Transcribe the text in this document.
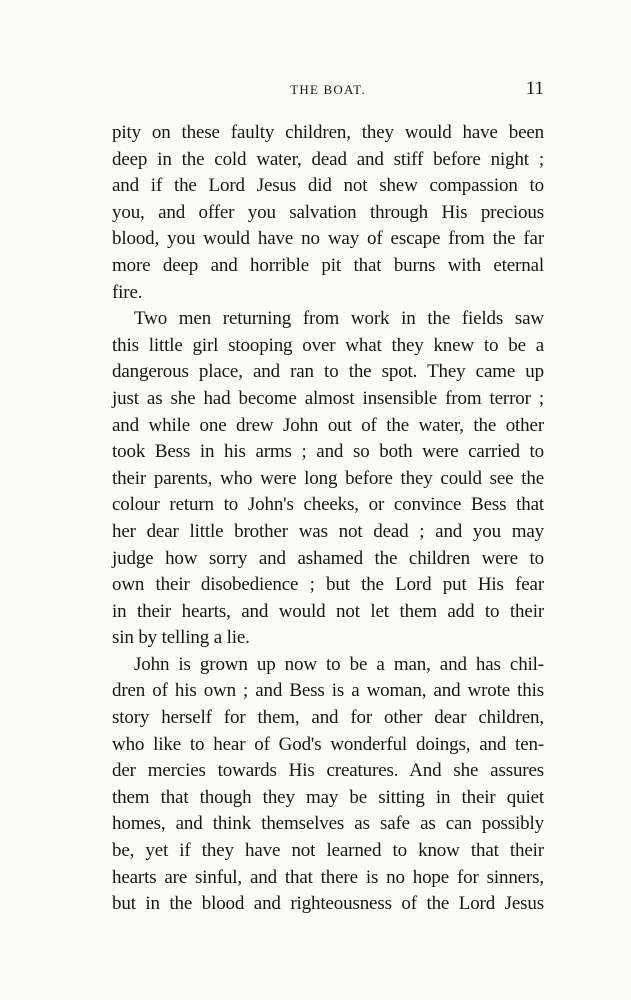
THE BOAT.	11
pity on these faulty children, they would have been
deep in the cold water, dead and stiff before night ;
and if the Lord Jesus did not shew compassion to
you, and offer you salvation through His precious
blood, you would have no way of escape from the far
more deep and horrible pit that burns with eternal
fire.
Two men returning from work in the fields saw
this little girl stooping over what they knew to be a
dangerous place, and ran to the spot. They came up
just as she had become almost insensible from terror ;
and while one drew John out of the water, the other
took Bess in his arms ; and so both were carried to
their parents, who were long before they could see the
colour return to John's cheeks, or convince Bess that
her dear little brother was not dead ; and you may
judge how sorry and ashamed the children were to
own their disobedience ; but the Lord put His fear
in their hearts, and would not let them add to their
sin by telling a lie.
John is grown up now to be a man, and has chil-
dren of his own ; and Bess is a woman, and wrote this
story herself for them, and for other dear children,
who like to hear of God's wonderful doings, and ten-
der mercies towards His creatures. And she assures
them that though they may be sitting in their quiet
homes, and think themselves as safe as can possibly
be, yet if they have not learned to know that their
hearts are sinful, and that there is no hope for sinners,
but in the blood and righteousness of the Lord Jesus
